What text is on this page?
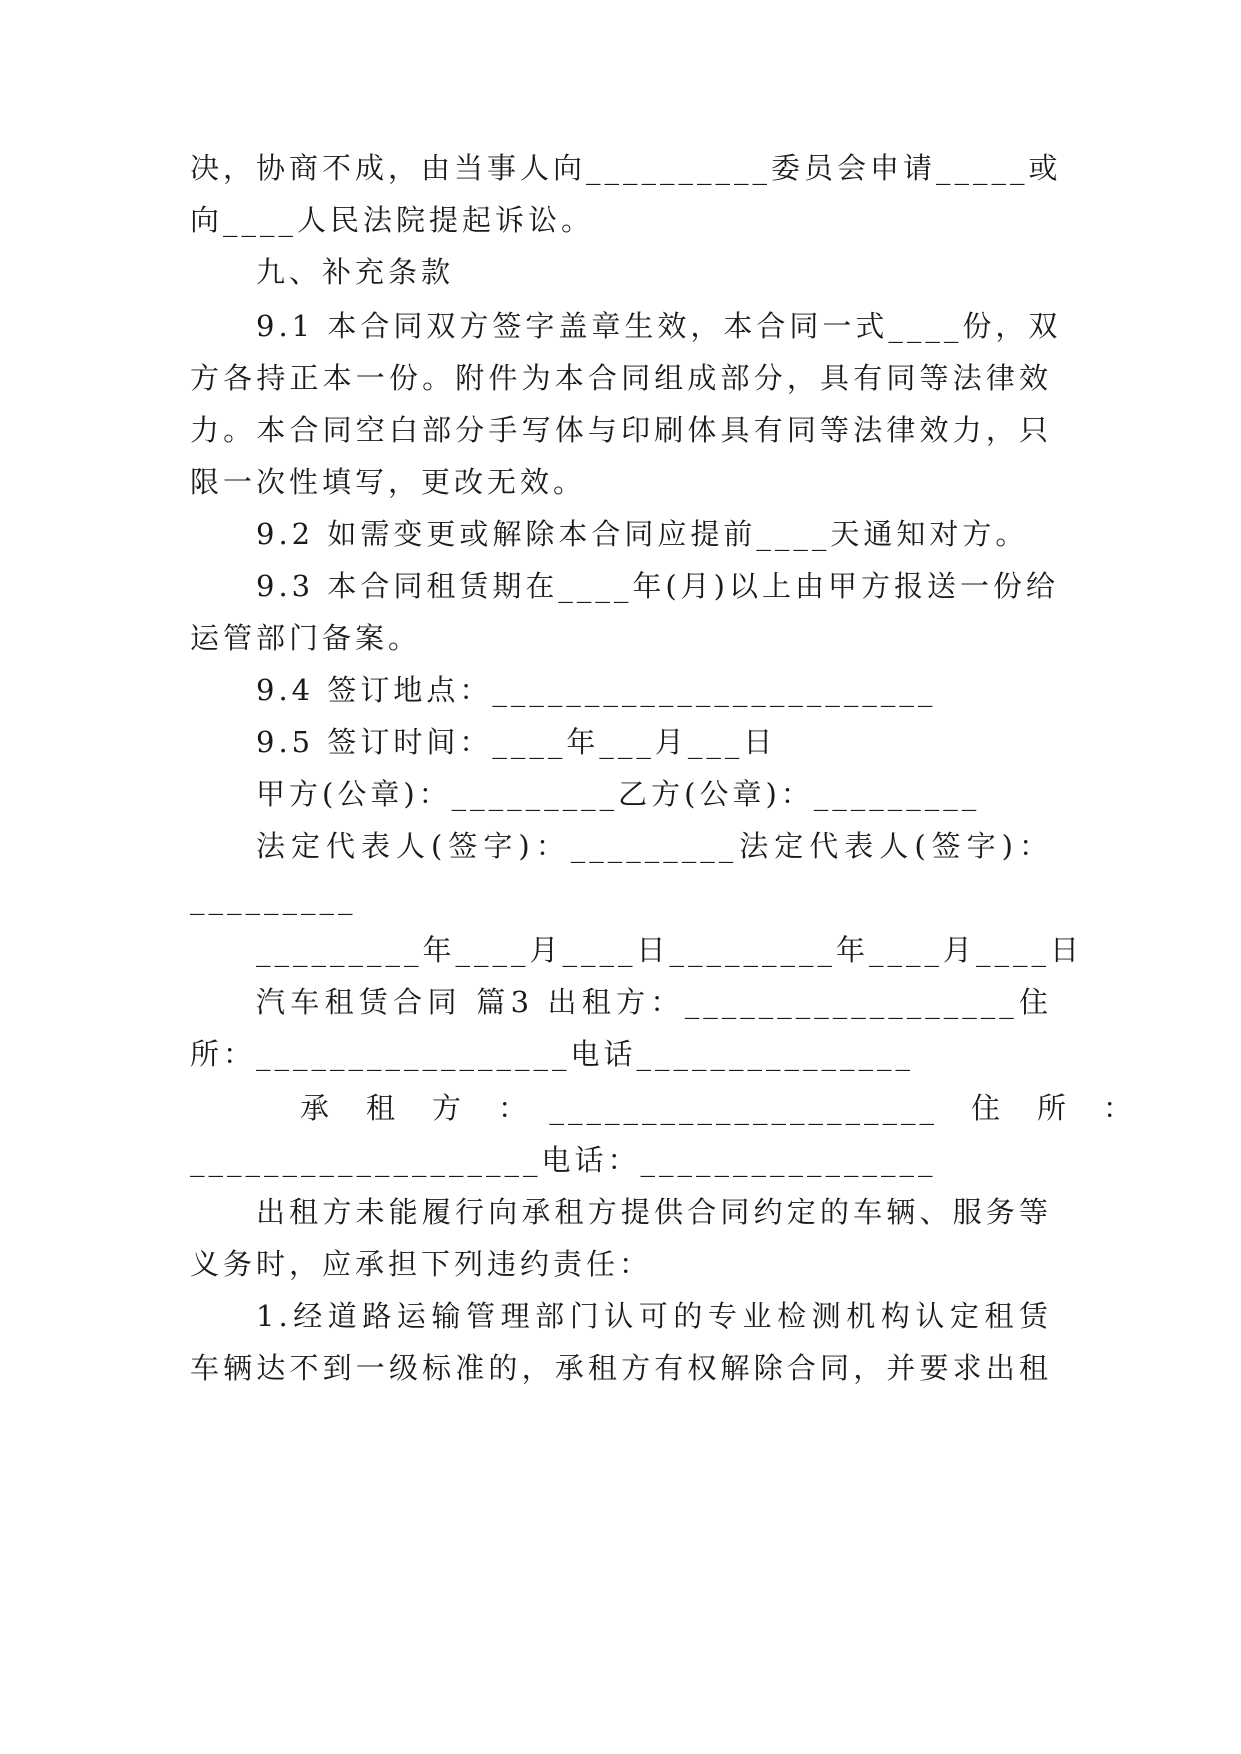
决，协商不成，由当事人向__________委员会申请_____或
向____人民法院提起诉讼。
九、补充条款
9.1 本合同双方签字盖章生效，本合同一式____份，双
方各持正本一份。附件为本合同组成部分，具有同等法律效
力。本合同空白部分手写体与印刷体具有同等法律效力，只
限一次性填写，更改无效。
9.2 如需变更或解除本合同应提前____天通知对方。
9.3 本合同租赁期在____年(月)以上由甲方报送一份给
运管部门备案。
9.4 签订地点：________________________
9.5 签订时间：____年___月___日
甲方(公章)：_________乙方(公章)：_________
法定代表人(签字)：_________法定代表人(签字)：
_________
_________年____月____日_________年____月____日
汽车租赁合同 篇3 出租方：__________________住
所：_________________电话_______________
承　租　方　：　_____________________　住　所　：
___________________电话：________________
出租方未能履行向承租方提供合同约定的车辆、服务等
义务时，应承担下列违约责任：
1.经道路运输管理部门认可的专业检测机构认定租赁
车辆达不到一级标准的，承租方有权解除合同，并要求出租
